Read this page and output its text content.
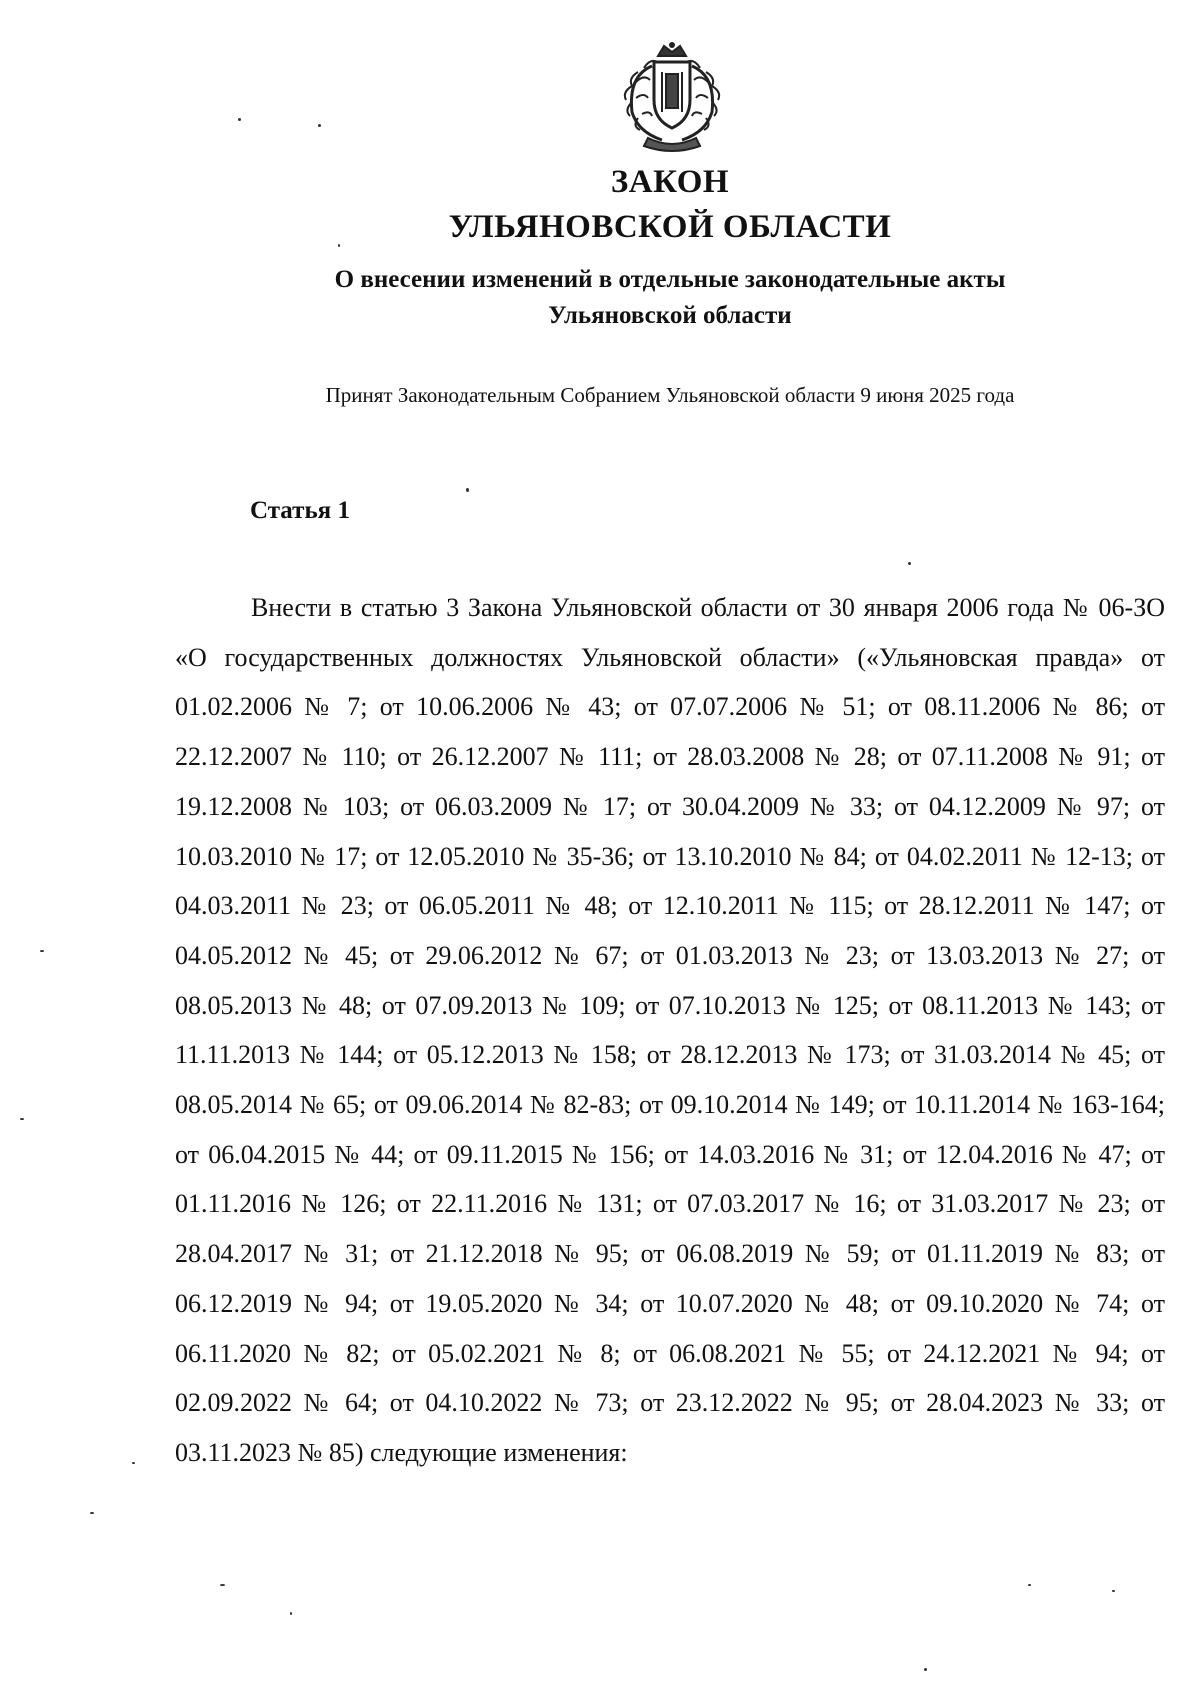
ЗАКОН
УЛЬЯНОВСКОЙ ОБЛАСТИ
О внесении изменений в отдельные законодательные акты
Ульяновской области
Принят Законодательным Собранием Ульяновской области 9 июня 2025 года
Статья 1

Внести в статью 3 Закона Ульяновской области от 30 января 2006 года № 06-ЗО «О государственных должностях Ульяновской области» («Ульяновская правда» от 01.02.2006 № 7; от 10.06.2006 № 43; от 07.07.2006 № 51; от 08.11.2006 № 86; от 22.12.2007 № 110; от 26.12.2007 № 111; от 28.03.2008 № 28; от 07.11.2008 № 91; от 19.12.2008 № 103; от 06.03.2009 № 17; от 30.04.2009 № 33; от 04.12.2009 № 97; от 10.03.2010 № 17; от 12.05.2010 № 35-36; от 13.10.2010 № 84; от 04.02.2011 № 12-13; от 04.03.2011 № 23; от 06.05.2011 № 48; от 12.10.2011 № 115; от 28.12.2011 № 147; от 04.05.2012 № 45; от 29.06.2012 № 67; от 01.03.2013 № 23; от 13.03.2013 № 27; от 08.05.2013 № 48; от 07.09.2013 № 109; от 07.10.2013 № 125; от 08.11.2013 № 143; от 11.11.2013 № 144; от 05.12.2013 № 158; от 28.12.2013 № 173; от 31.03.2014 № 45; от 08.05.2014 № 65; от 09.06.2014 № 82-83; от 09.10.2014 № 149; от 10.11.2014 № 163-164; от 06.04.2015 № 44; от 09.11.2015 № 156; от 14.03.2016 № 31; от 12.04.2016 № 47; от 01.11.2016 № 126; от 22.11.2016 № 131; от 07.03.2017 № 16; от 31.03.2017 № 23; от 28.04.2017 № 31; от 21.12.2018 № 95; от 06.08.2019 № 59; от 01.11.2019 № 83; от 06.12.2019 № 94; от 19.05.2020 № 34; от 10.07.2020 № 48; от 09.10.2020 № 74; от 06.11.2020 № 82; от 05.02.2021 № 8; от 06.08.2021 № 55; от 24.12.2021 № 94; от 02.09.2022 № 64; от 04.10.2022 № 73; от 23.12.2022 № 95; от 28.04.2023 № 33; от 03.11.2023 № 85) следующие изменения:
